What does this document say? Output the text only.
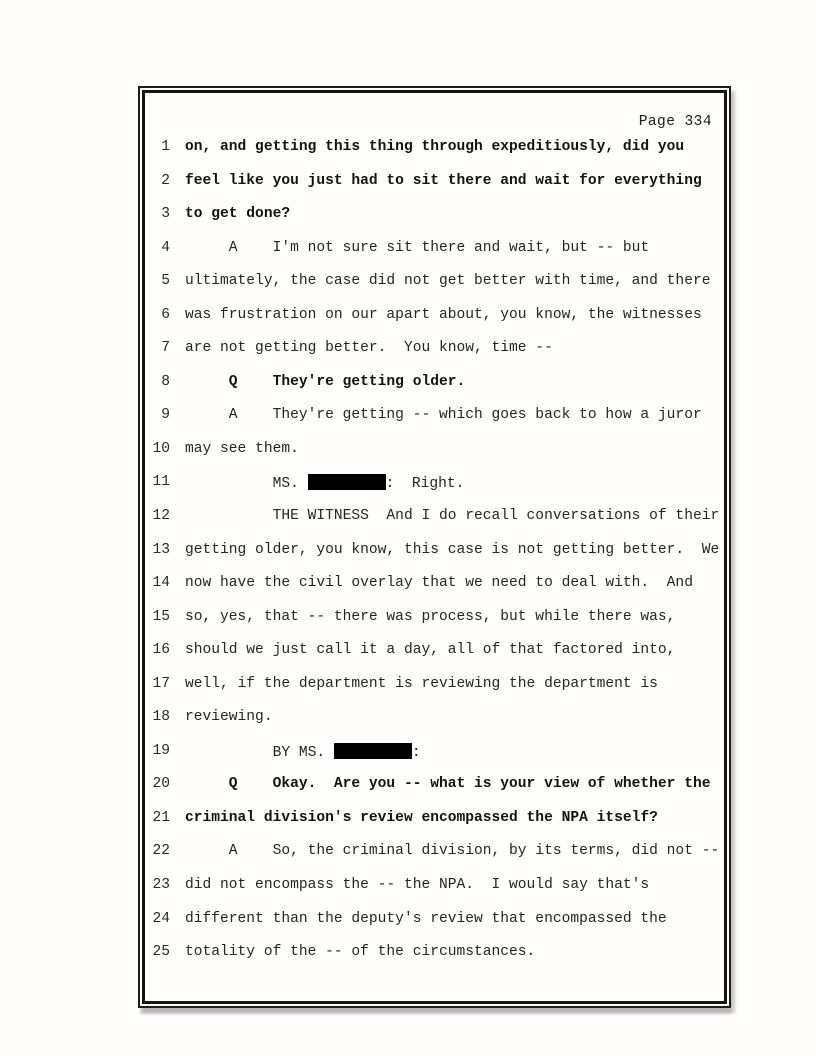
Page 334
1 on, and getting this thing through expeditiously, did you
2 feel like you just had to sit there and wait for everything
3 to get done?
4 A    I'm not sure sit there and wait, but -- but
5 ultimately, the case did not get better with time, and there
6 was frustration on our apart about, you know, the witnesses
7 are not getting better.  You know, time --
8 Q    They're getting older.
9 A    They're getting -- which goes back to how a juror
10 may see them.
11 MS.	:  Right.
12 THE WITNESS  And I do recall conversations of their
13 getting older, you know, this case is not getting better.  We
14 now have the civil overlay that we need to deal with.  And
15 so, yes, that -- there was process, but while there was,
16 should we just call it a day, all of that factored into,
17 well, if the department is reviewing the department is
18 reviewing.
19 BY MS.	:
20 Q    Okay.  Are you -- what is your view of whether the
21 criminal division's review encompassed the NPA itself?
22 A    So, the criminal division, by its terms, did not --
23 did not encompass the -- the NPA.  I would say that's
24 different than the deputy's review that encompassed the
25 totality of the -- of the circumstances.
